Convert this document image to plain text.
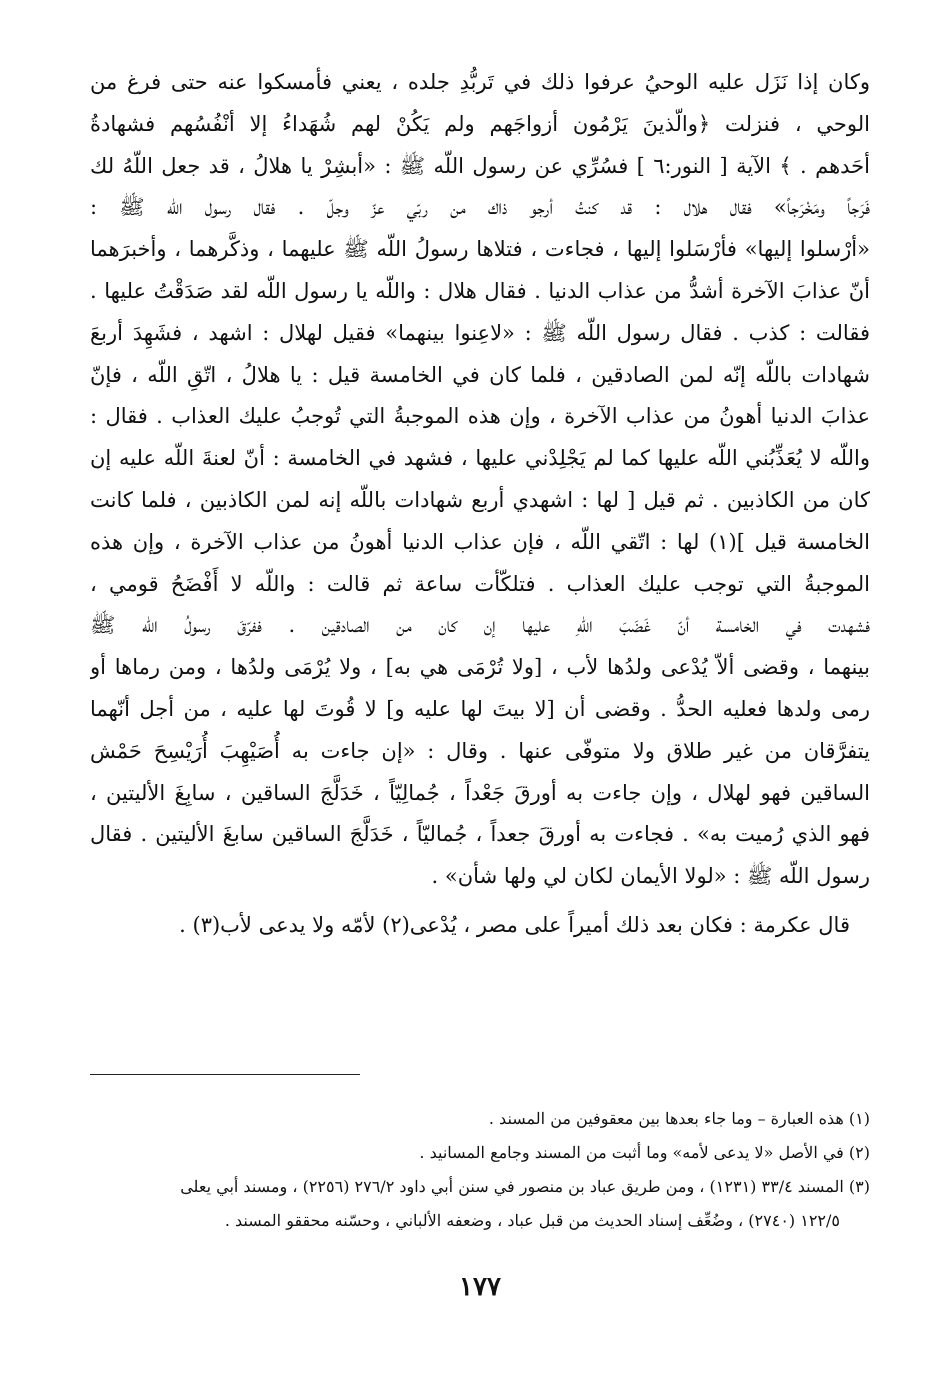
وكان إذا نَزَل عليه الوحيُ عرفوا ذلك في تَربُّدِ جلده ، يعني فأمسكوا عنه حتى فرغ من
الوحي ، فنزلت ﴿والّذينَ يَرْمُون أزواجَهم ولم يَكُنْ لهم شُهَداءُ إلا أنْفُسُهم فشهادةُ
أحَدهم . ﴾ الآية [ النور:٦ ] فسُرِّي عن رسول اللّه ﷺ : «أبشِرْ يا هلالُ ، قد جعل اللّهُ لك
فَرَجاً ومَخْرَجاً» فقال هلال : قد كنتُ أرجو ذاك من ربّي عزّ وجلّ . فقال رسول اللّه ﷺ :
«أرْسلوا إليها» فأرْسَلوا إليها ، فجاءت ، فتلاها رسولُ اللّه ﷺ عليهما ، وذكَّرهما ، وأخبرَهما
أنّ عذابَ الآخرة أشدُّ من عذاب الدنيا . فقال هلال : واللّه يا رسول اللّه لقد صَدَقْتُ عليها .
فقالت : كذب . فقال رسول اللّه ﷺ : «لاعِنوا بينهما» فقيل لهلال : اشهد ، فشَهِدَ أربعَ
شهادات باللّه إنّه لمن الصادقين ، فلما كان في الخامسة قيل : يا هلالُ ، اتّقِ اللّه ، فإنّ
عذابَ الدنيا أهونُ من عذاب الآخرة ، وإن هذه الموجبةُ التي تُوجبُ عليك العذاب . فقال :
واللّه لا يُعَذِّبُني اللّه عليها كما لم يَجْلِدْني عليها ، فشهد في الخامسة : أنّ لعنةَ اللّه عليه إن
كان من الكاذبين . ثم قيل [ لها : اشهدي أربع شهادات باللّه إنه لمن الكاذبين ، فلما كانت
الخامسة قيل ](١) لها : اتّقي اللّه ، فإن عذاب الدنيا أهونُ من عذاب الآخرة ، وإن هذه
الموجبةُ التي توجب عليك العذاب . فتلكّأت ساعة ثم قالت : واللّه لا أَفْضَحُ قومي ،
فشهدت في الخامسة أنّ غَضَبَ اللّهِ عليها إن كان من الصادقين . ففرّقَ رسولُ اللّه ﷺ
بينهما ، وقضى ألاّ يُدْعى ولدُها لأب ، [ولا تُرْمَى هي به] ، ولا يُرْمَى ولدُها ، ومن رماها أو
رمى ولدها فعليه الحدُّ . وقضى أن [لا بيتَ لها عليه و] لا قُوتَ لها عليه ، من أجل أنّهما
يتفرَّقان من غير طلاق ولا متوفّى عنها . وقال : «إن جاءت به أُصَيْهِبَ أُرَيْسِحَ حَمْش
الساقين فهو لهلال ، وإن جاءت به أورقَ جَعْداً ، جُمالِيّاً ، خَدَلَّجَ الساقين ، سابِغَ الأليتين ،
فهو الذي رُميت به» . فجاءت به أورقَ جعداً ، جُماليّاً ، خَدَلَّجَ الساقين سابغَ الأليتين . فقال
رسول اللّه ﷺ : «لولا الأيمان لكان لي ولها شأن» .

قال عكرمة : فكان بعد ذلك أميراً على مصر ، يُدْعى(٢) لأمّه ولا يدعى لأب(٣) .

(١) هذه العبارة – وما جاء بعدها بين معقوفين من المسند .

(٢) في الأصل «لا يدعى لأمه» وما أثبت من المسند وجامع المسانيد .

(٣) المسند ٣٣/٤ (١٢٣١) ، ومن طريق عباد بن منصور في سنن أبي داود ٢٧٦/٢ (٢٢٥٦) ، ومسند أبي يعلى

١٢٢/٥ (٢٧٤٠) ، وضُعِّف إسناد الحديث من قبل عباد ، وضعفه الألباني ، وحسّنه محققو المسند .

١٧٧
